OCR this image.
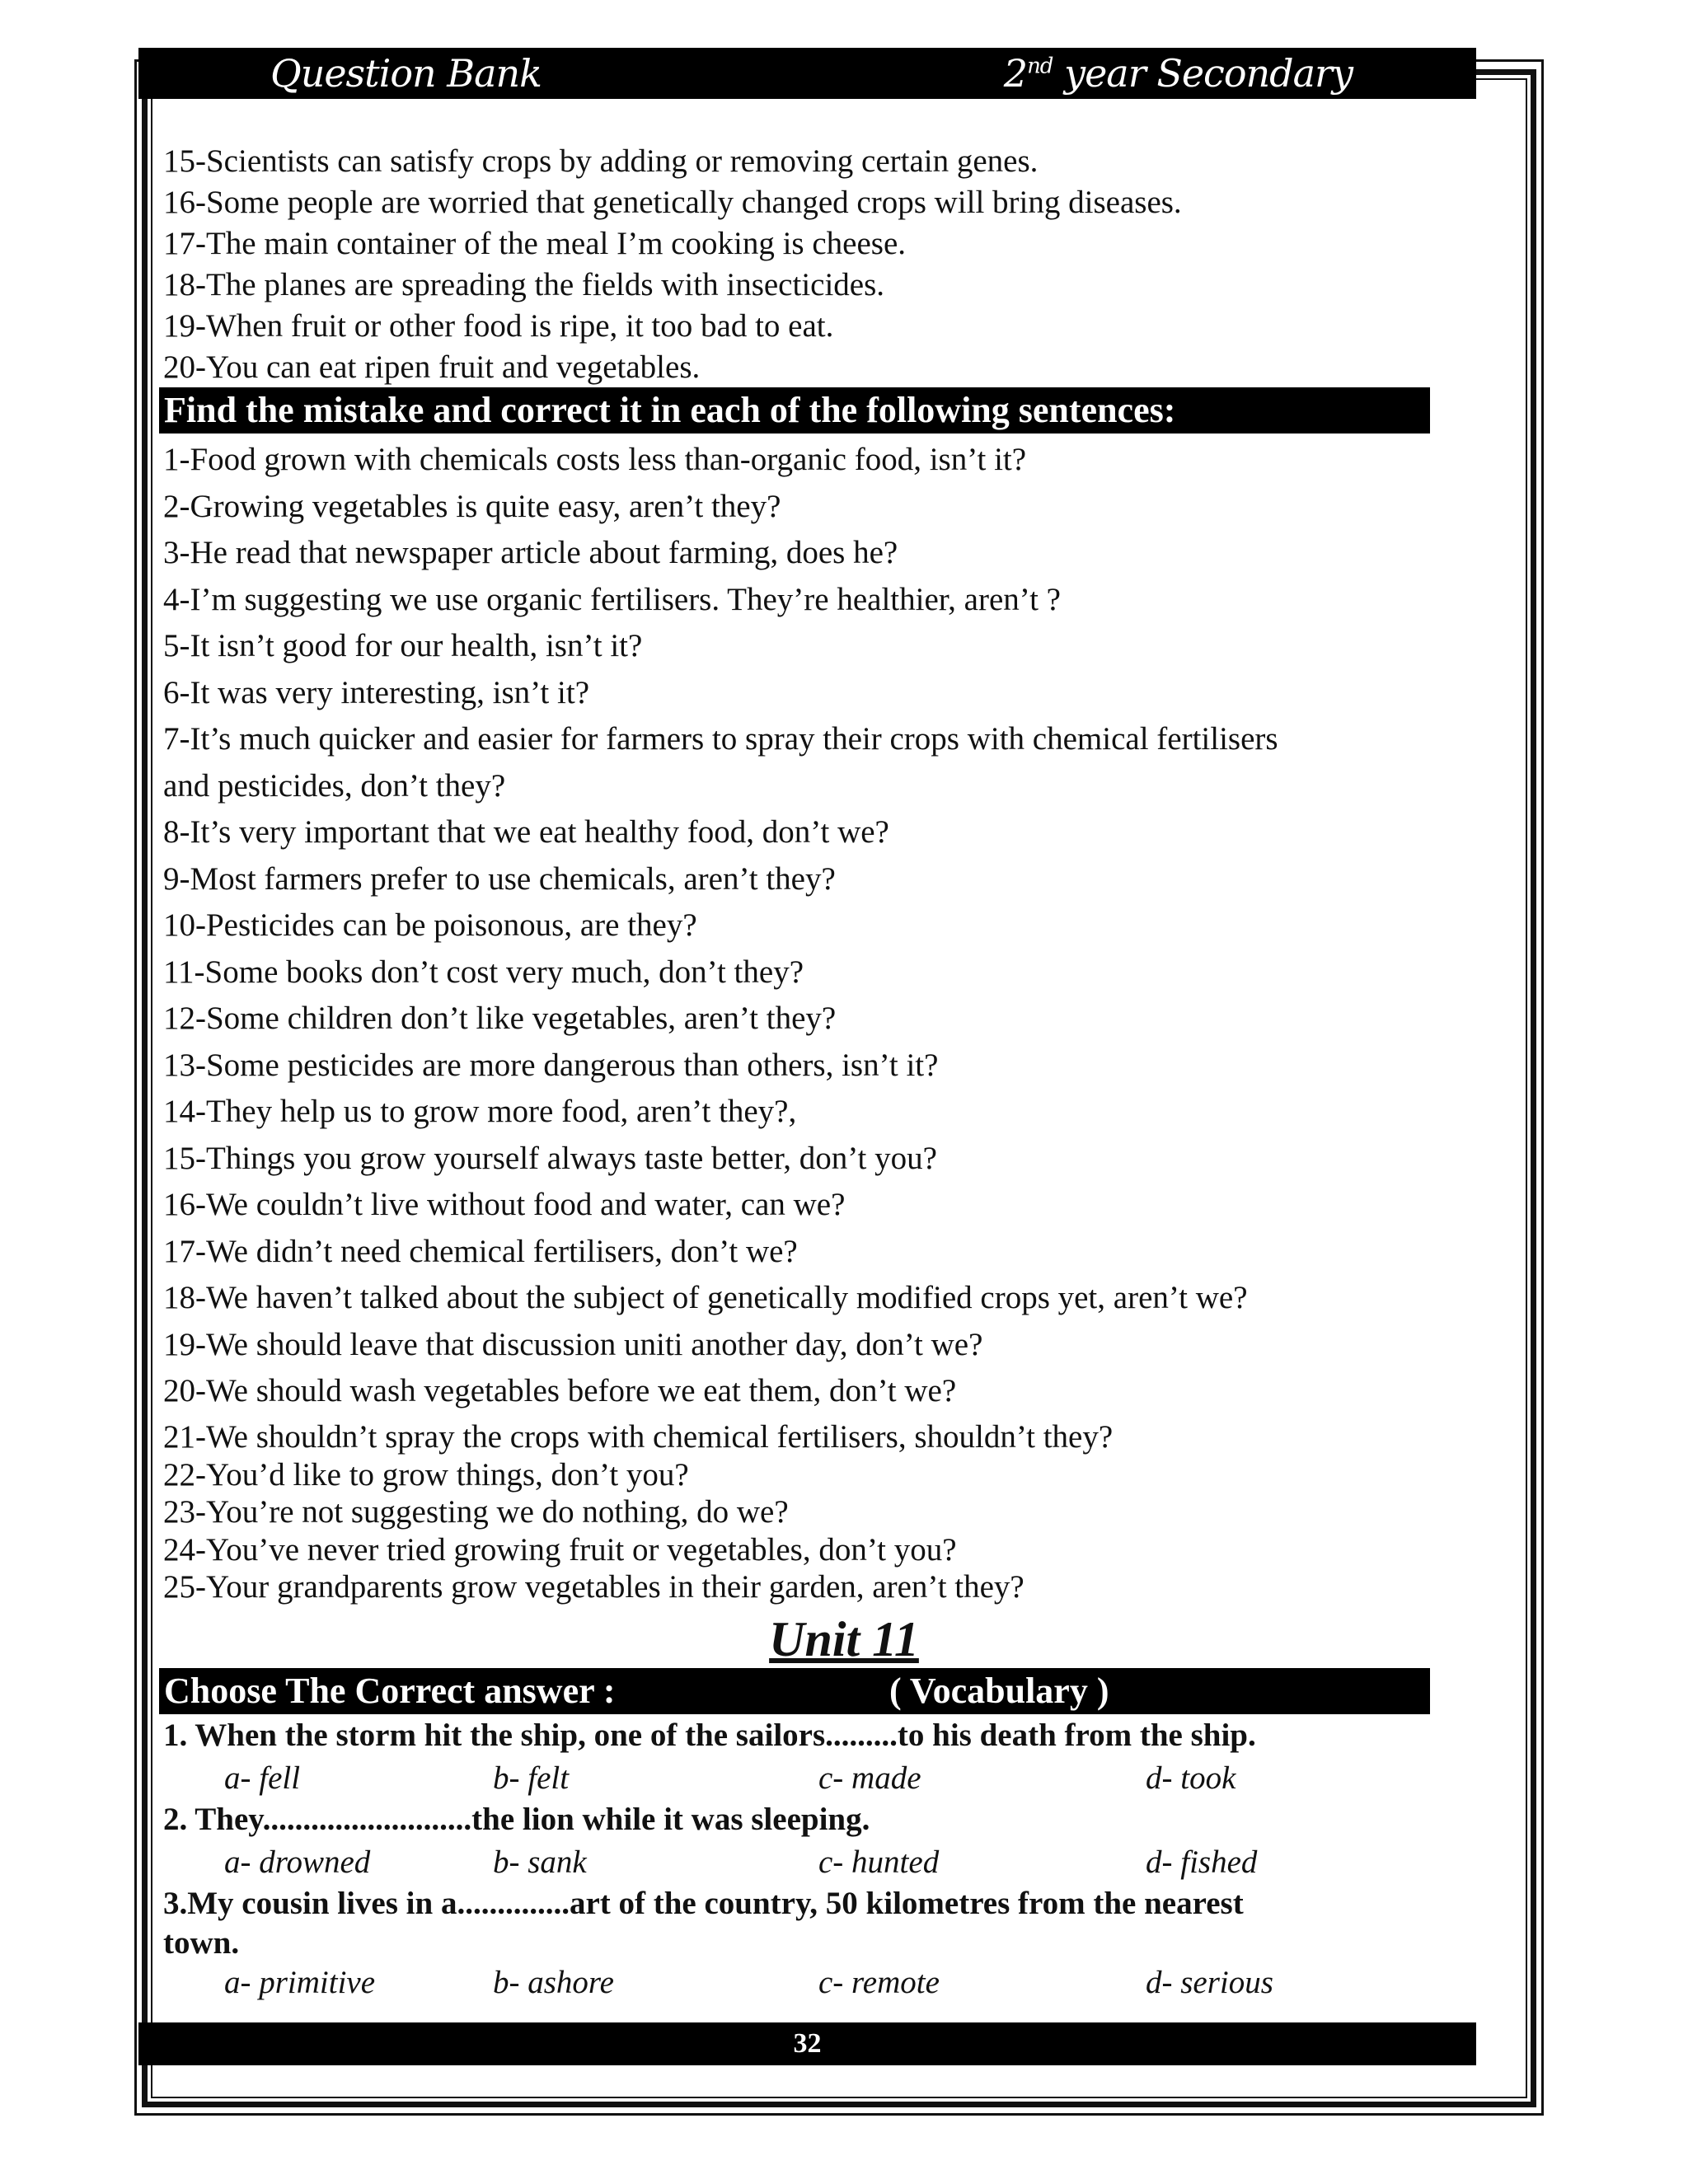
Question Bank	2nd year Secondary
15-Scientists can satisfy crops by adding or removing certain genes.
16-Some people are worried that genetically changed crops will bring diseases.
17-The main container of the meal I’m cooking is cheese.
18-The planes are spreading the fields with insecticides.
19-When fruit or other food is ripe, it too bad to eat.
20-You can eat ripen fruit and vegetables.
Find the mistake and correct it in each of the following sentences:
1-Food grown with chemicals costs less than-organic food, isn’t it?
2-Growing vegetables is quite easy, aren’t they?
3-He read that newspaper article about farming, does he?
4-I’m suggesting we use organic fertilisers. They’re healthier, aren’t ?
5-It isn’t good for our health, isn’t it?
6-It was very interesting, isn’t it?
7-It’s much quicker and easier for farmers to spray their crops with chemical fertilisers
and pesticides, don’t they?
8-It’s very important that we eat healthy food, don’t we?
9-Most farmers prefer to use chemicals, aren’t they?
10-Pesticides can be poisonous, are they?
11-Some books don’t cost very much, don’t they?
12-Some children don’t like vegetables, aren’t they?
13-Some pesticides are more dangerous than others, isn’t it?
14-They help us to grow more food, aren’t they?,
15-Things you grow yourself always taste better, don’t you?
16-We couldn’t live without food and water, can we?
17-We didn’t need chemical fertilisers, don’t we?
18-We haven’t talked about the subject of genetically modified crops yet, aren’t we?
19-We should leave that discussion uniti another day, don’t we?
20-We should wash vegetables before we eat them, don’t we?
21-We shouldn’t spray the crops with chemical fertilisers, shouldn’t they?
22-You’d like to grow things, don’t you?
23-You’re not suggesting we do nothing, do we?
24-You’ve never tried growing fruit or vegetables, don’t you?
25-Your grandparents grow vegetables in their garden, aren’t they?
Unit 11
Choose The Correct answer :	( Vocabulary )
1. When the storm hit the ship, one of the sailors.........to his death from the ship.
a- fell	b- felt	c- made	d- took
2. They..........................the lion while it was sleeping.
a- drowned	b- sank	c- hunted	d- fished
3.My cousin lives in a..............art of the country, 50 kilometres from the nearest
town.
a- primitive	b- ashore	c- remote	d- serious
32
